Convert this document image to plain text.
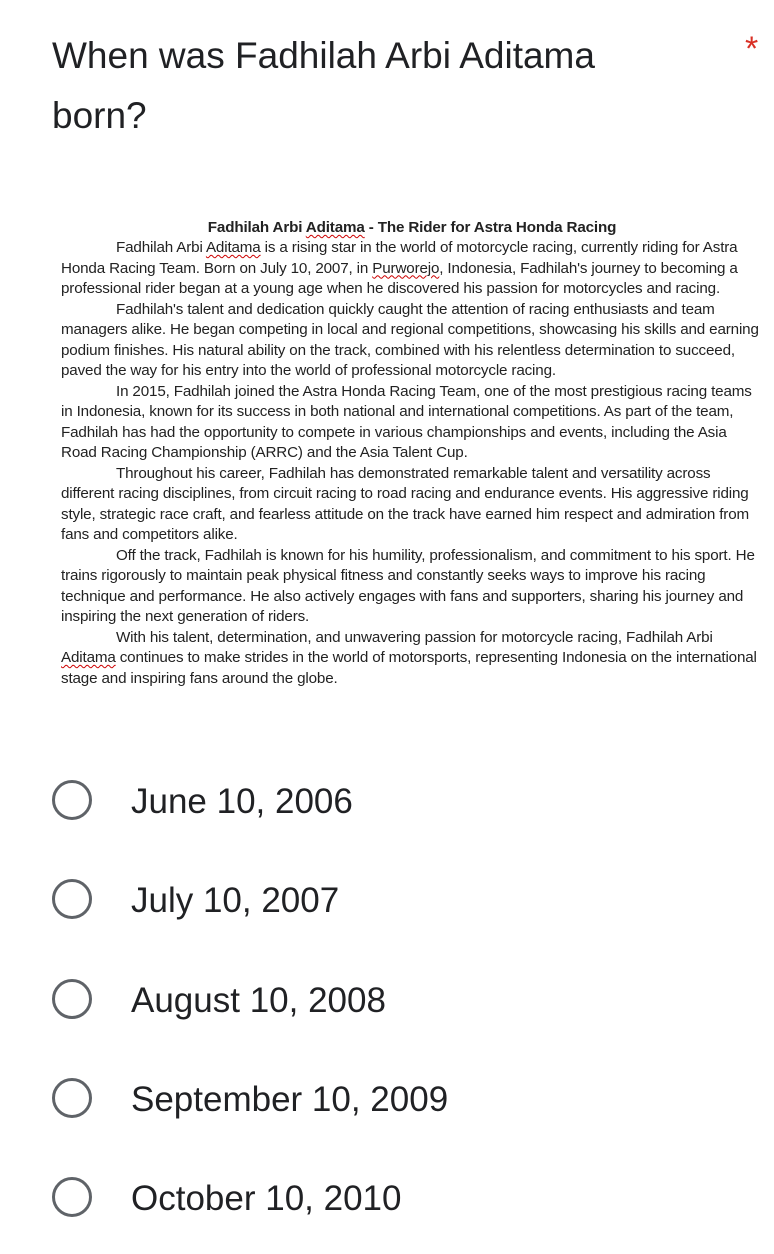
When was Fadhilah Arbi Aditama born?
*
Fadhilah Arbi Aditama - The Rider for Astra Honda Racing

Fadhilah Arbi Aditama is a rising star in the world of motorcycle racing, currently riding for Astra Honda Racing Team. Born on July 10, 2007, in Purworejo, Indonesia, Fadhilah's journey to becoming a professional rider began at a young age when he discovered his passion for motorcycles and racing.

Fadhilah's talent and dedication quickly caught the attention of racing enthusiasts and team managers alike. He began competing in local and regional competitions, showcasing his skills and earning podium finishes. His natural ability on the track, combined with his relentless determination to succeed, paved the way for his entry into the world of professional motorcycle racing.

In 2015, Fadhilah joined the Astra Honda Racing Team, one of the most prestigious racing teams in Indonesia, known for its success in both national and international competitions. As part of the team, Fadhilah has had the opportunity to compete in various championships and events, including the Asia Road Racing Championship (ARRC) and the Asia Talent Cup.

Throughout his career, Fadhilah has demonstrated remarkable talent and versatility across different racing disciplines, from circuit racing to road racing and endurance events. His aggressive riding style, strategic race craft, and fearless attitude on the track have earned him respect and admiration from fans and competitors alike.

Off the track, Fadhilah is known for his humility, professionalism, and commitment to his sport. He trains rigorously to maintain peak physical fitness and constantly seeks ways to improve his racing technique and performance. He also actively engages with fans and supporters, sharing his journey and inspiring the next generation of riders.

With his talent, determination, and unwavering passion for motorcycle racing, Fadhilah Arbi Aditama continues to make strides in the world of motorsports, representing Indonesia on the international stage and inspiring fans around the globe.

June 10, 2006
July 10, 2007
August 10, 2008
September 10, 2009
October 10, 2010
